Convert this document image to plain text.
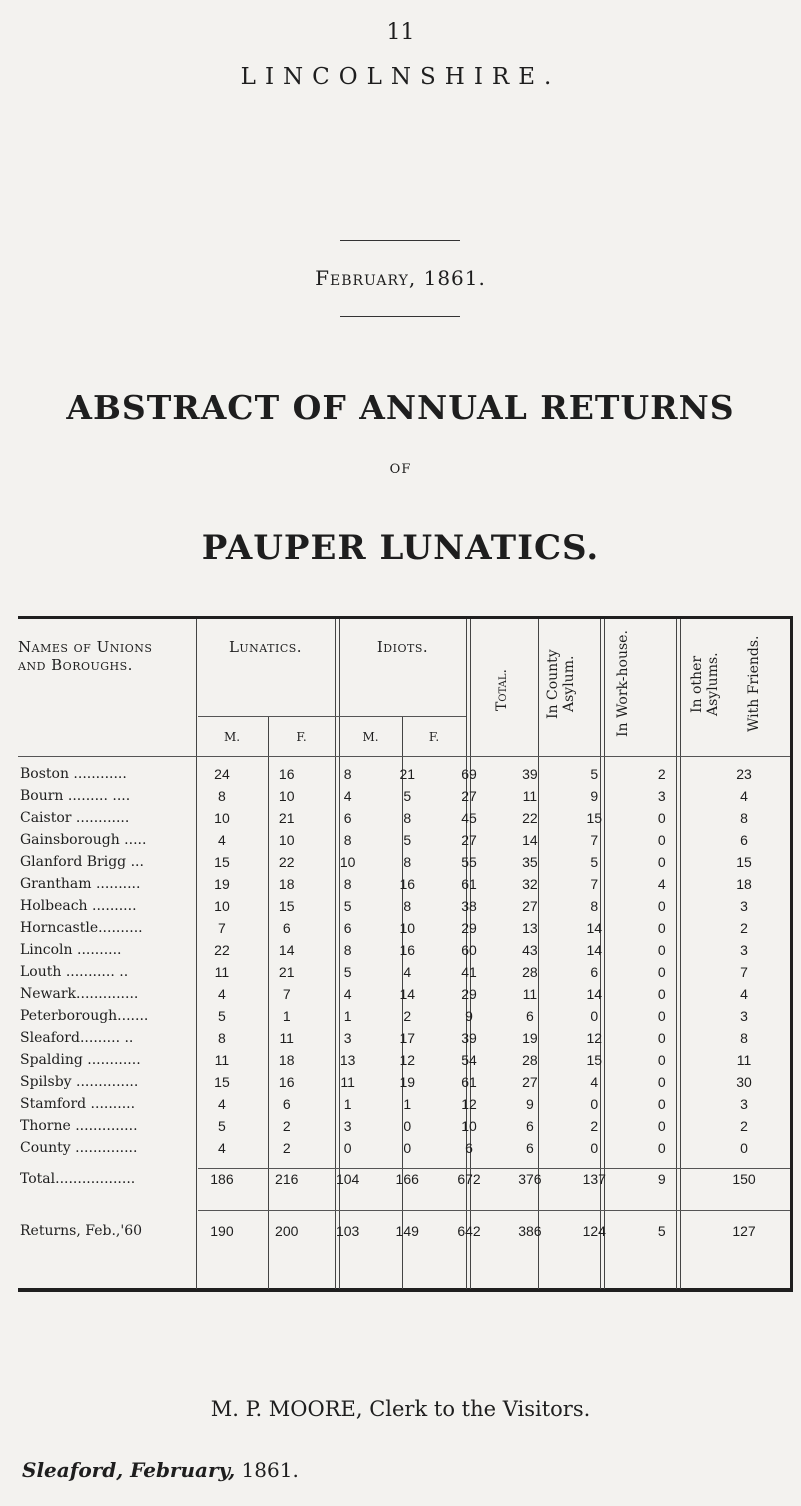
11
LINCOLNSHIRE.
February, 1861.
ABSTRACT OF ANNUAL RETURNS
OF
PAUPER LUNATICS.
Names of Unions
and Boroughs.
Lunatics.	Idiots.
M.	F.	M.	F.
Total.	In County Asylum.	In Work-house.	In other Asylums.	With Friends.
Boston ............	24	16	8	21	69	39	5	2	23
Bourn ......... ....	8	10	4	5	27	11	9	3	4
Caistor ............	10	21	6	8	45	22	15	0	8
Gainsborough .....	4	10	8	5	27	14	7	0	6
Glanford Brigg ...	15	22	10	8	55	35	5	0	15
Grantham ..........	19	18	8	16	61	32	7	4	18
Holbeach ..........	10	15	5	8	38	27	8	0	3
Horncastle..........	7	6	6	10	29	13	14	0	2
Lincoln ..........	22	14	8	16	60	43	14	0	3
Louth ........... ..	11	21	5	4	41	28	6	0	7
Newark..............	4	7	4	14	29	11	14	0	4
Peterborough.......	5	1	1	2	9	6	0	0	3
Sleaford......... ..	8	11	3	17	39	19	12	0	8
Spalding ............	11	18	13	12	54	28	15	0	11
Spilsby ..............	15	16	11	19	61	27	4	0	30
Stamford ..........	4	6	1	1	12	9	0	0	3
Thorne ..............	5	2	3	0	10	6	2	0	2
County ..............	4	2	0	0	6	6	0	0	0
Total..................	186	216	104	166	672	376	137	9	150
Returns, Feb.,'60	190	200	103	149	642	386	124	5	127
M. P. MOORE, Clerk to the Visitors.
Sleaford, February, 1861.
